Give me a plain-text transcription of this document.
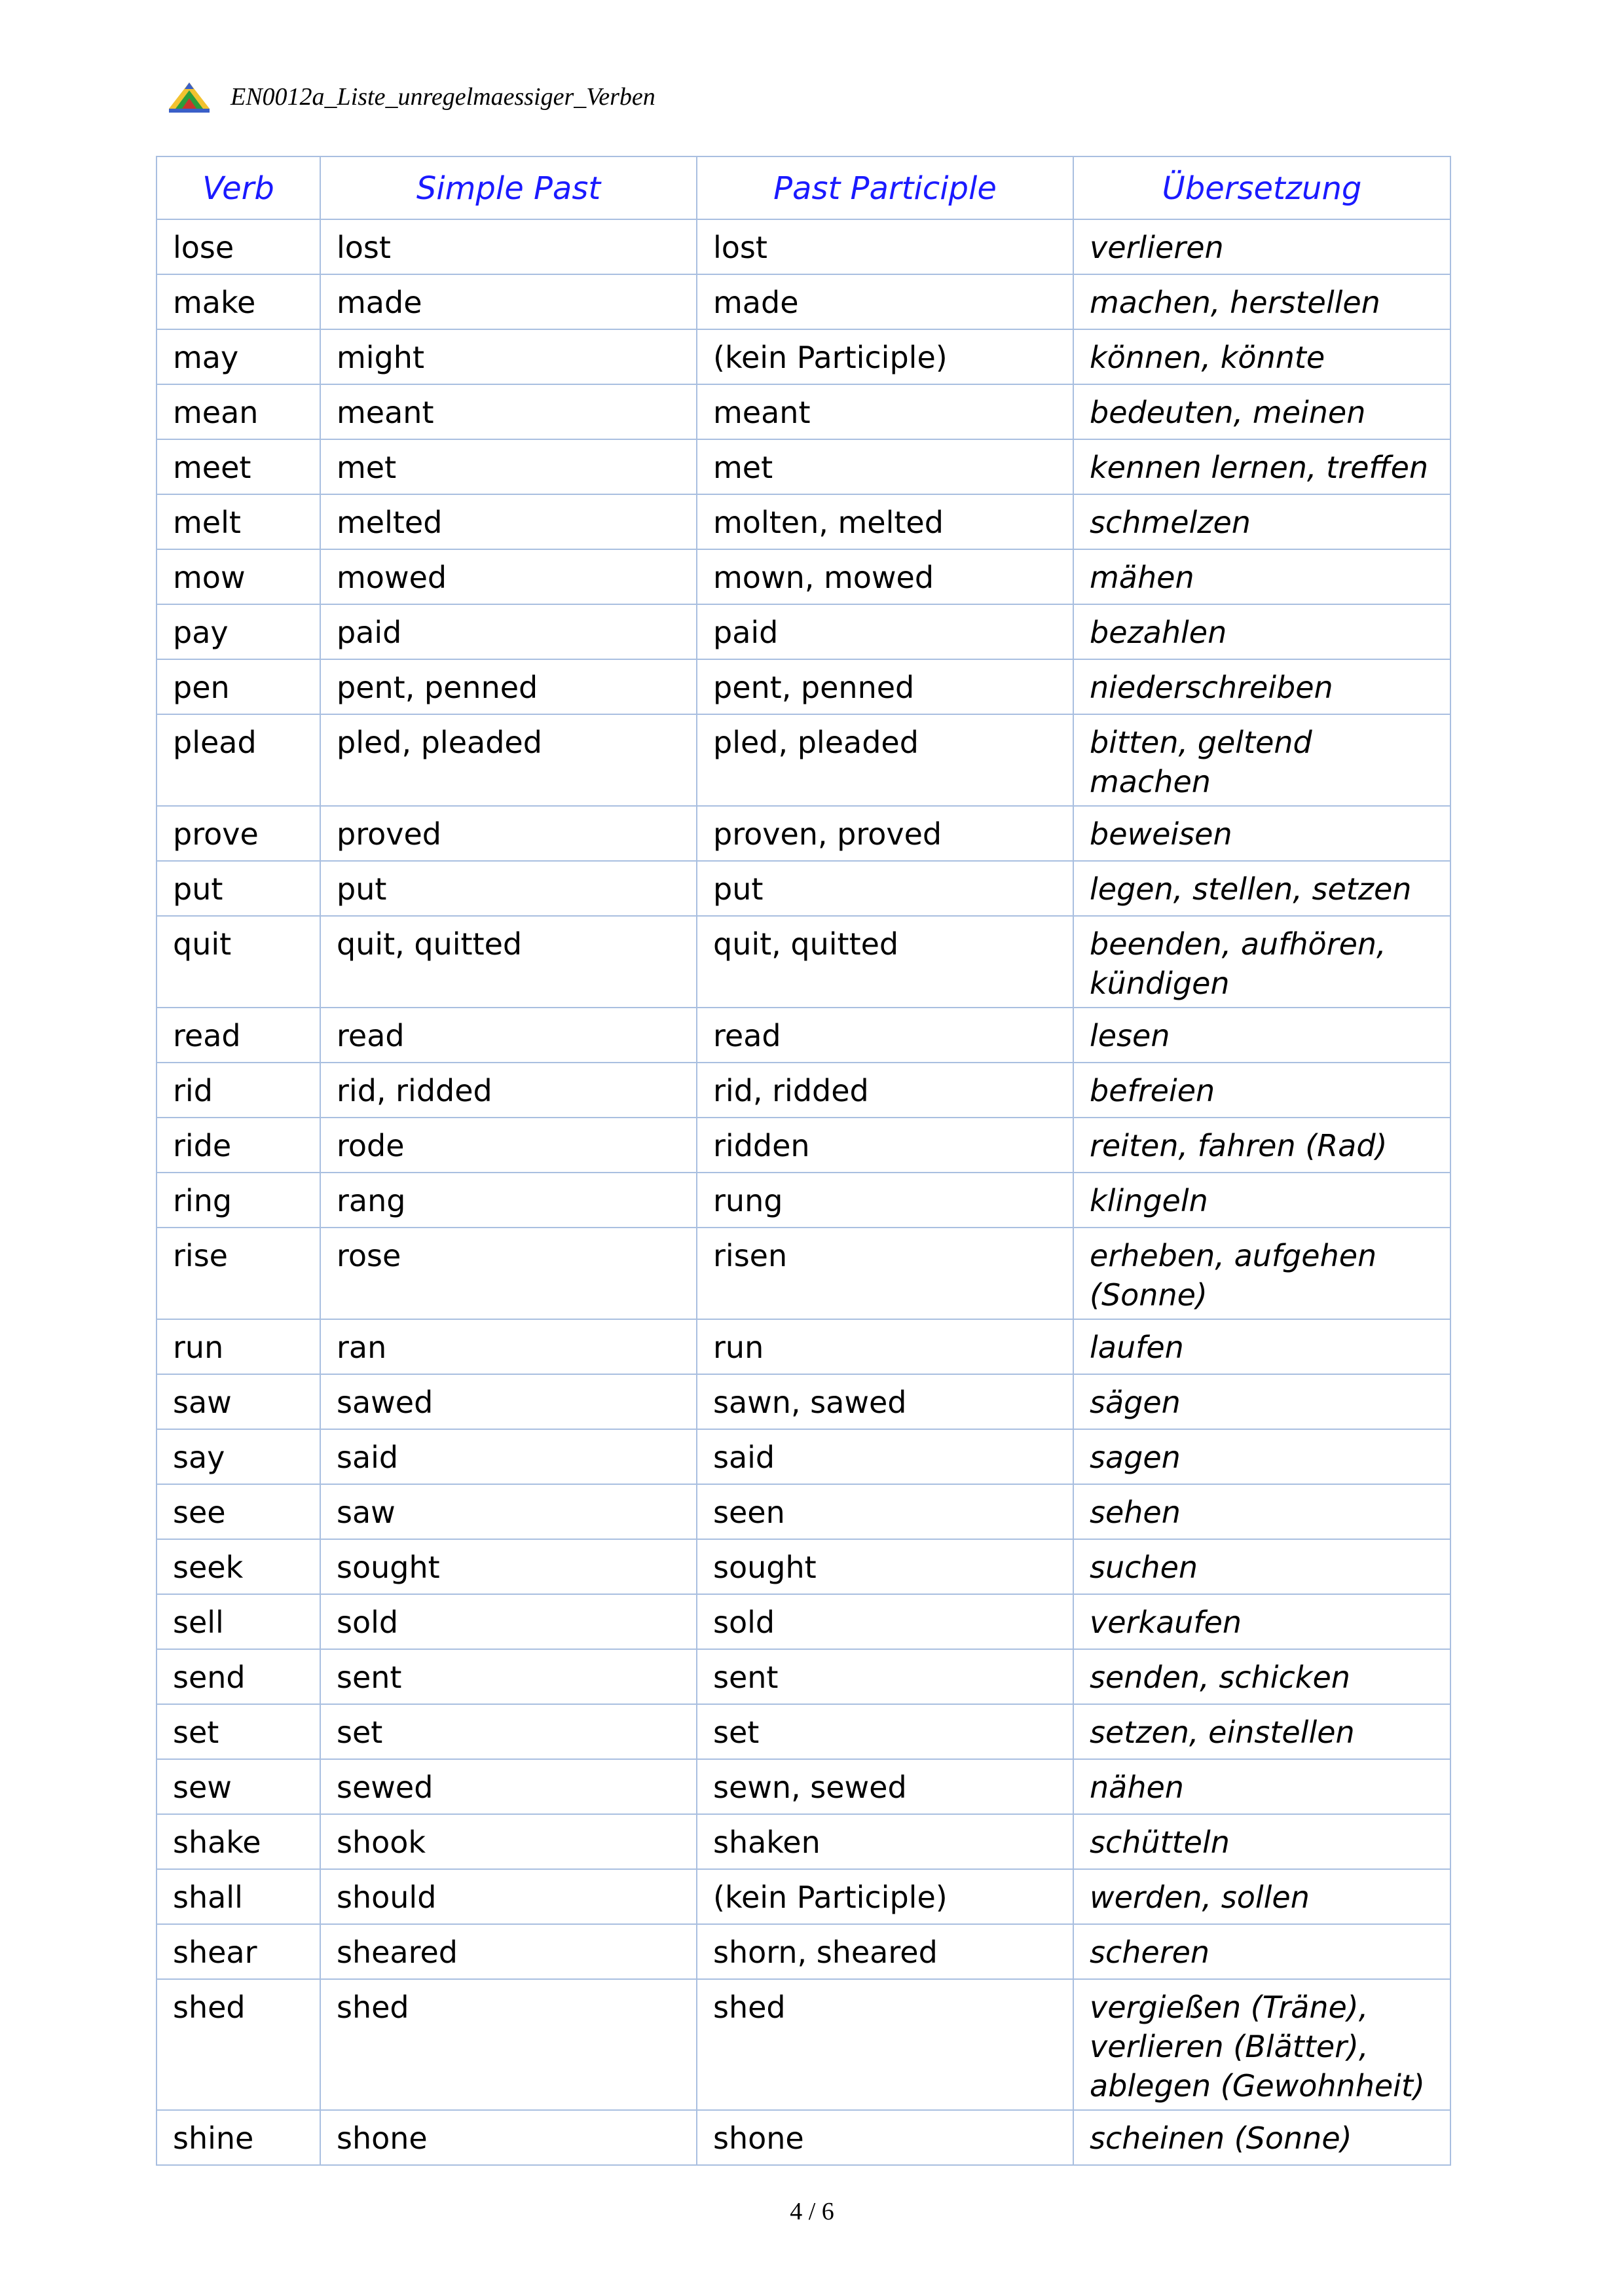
EN0012a_Liste_unregelmaessiger_Verben
Verb	Simple Past	Past Participle	Übersetzung
lose	lost	lost	verlieren
make	made	made	machen, herstellen
may	might	(kein Participle)	können, könnte
mean	meant	meant	bedeuten, meinen
meet	met	met	kennen lernen, treffen
melt	melted	molten, melted	schmelzen
mow	mowed	mown, mowed	mähen
pay	paid	paid	bezahlen
pen	pent, penned	pent, penned	niederschreiben
plead	pled, pleaded	pled, pleaded	bitten, geltend machen
prove	proved	proven, proved	beweisen
put	put	put	legen, stellen, setzen
quit	quit, quitted	quit, quitted	beenden, aufhören, kündigen
read	read	read	lesen
rid	rid, ridded	rid, ridded	befreien
ride	rode	ridden	reiten, fahren (Rad)
ring	rang	rung	klingeln
rise	rose	risen	erheben, aufgehen (Sonne)
run	ran	run	laufen
saw	sawed	sawn, sawed	sägen
say	said	said	sagen
see	saw	seen	sehen
seek	sought	sought	suchen
sell	sold	sold	verkaufen
send	sent	sent	senden, schicken
set	set	set	setzen, einstellen
sew	sewed	sewn, sewed	nähen
shake	shook	shaken	schütteln
shall	should	(kein Participle)	werden, sollen
shear	sheared	shorn, sheared	scheren
shed	shed	shed	vergießen (Träne), verlieren (Blätter), ablegen (Gewohnheit)
shine	shone	shone	scheinen (Sonne)
4 / 6
